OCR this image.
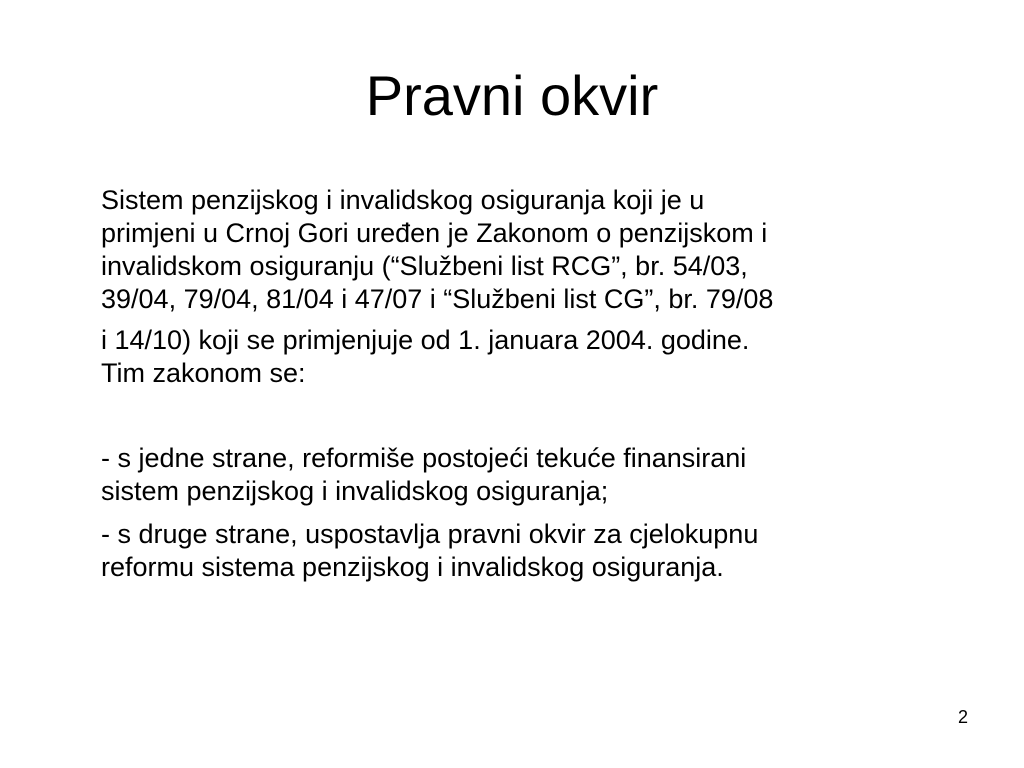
Pravni okvir
Sistem penzijskog i invalidskog osiguranja koji je u
primjeni u Crnoj Gori uređen je Zakonom o penzijskom i
invalidskom osiguranju (“Službeni list RCG”, br. 54/03,
39/04, 79/04, 81/04 i 47/07 i “Službeni list CG”, br. 79/08
i 14/10) koji se primjenjuje od 1. januara 2004. godine.
Tim zakonom se:
- s jedne strane, reformiše postojeći tekuće finansirani
sistem penzijskog i invalidskog osiguranja;
- s druge strane, uspostavlja pravni okvir za cjelokupnu
reformu sistema penzijskog i invalidskog osiguranja.
2
